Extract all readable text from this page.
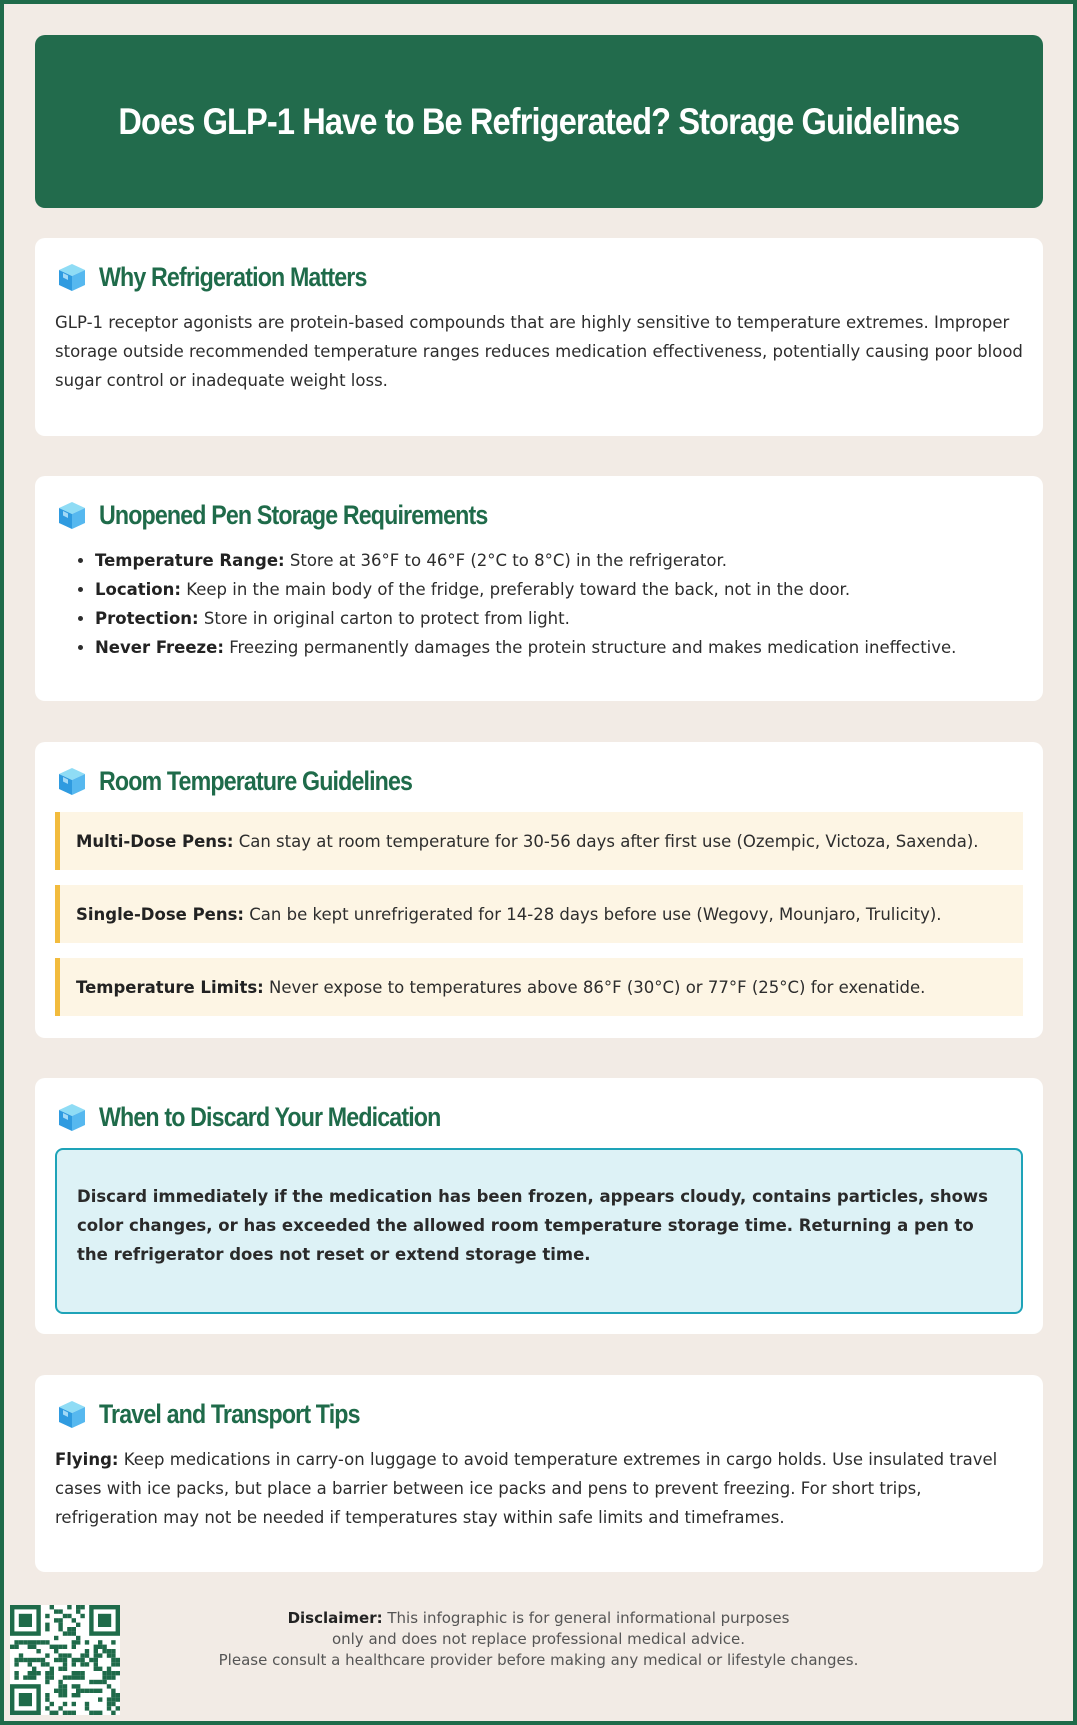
Does GLP-1 Have to Be Refrigerated? Storage Guidelines
Why Refrigeration Matters

GLP-1 receptor agonists are protein-based compounds that are highly sensitive to temperature extremes. Improper storage outside recommended temperature ranges reduces medication effectiveness, potentially causing poor blood sugar control or inadequate weight loss.

Unopened Pen Storage Requirements
• Temperature Range: Store at 36°F to 46°F (2°C to 8°C) in the refrigerator.
• Location: Keep in the main body of the fridge, preferably toward the back, not in the door.
• Protection: Store in original carton to protect from light.
• Never Freeze: Freezing permanently damages the protein structure and makes medication ineffective.
Room Temperature Guidelines
Multi-Dose Pens: Can stay at room temperature for 30-56 days after first use (Ozempic, Victoza, Saxenda).
Single-Dose Pens: Can be kept unrefrigerated for 14-28 days before use (Wegovy, Mounjaro, Trulicity).
Temperature Limits: Never expose to temperatures above 86°F (30°C) or 77°F (25°C) for exenatide.
When to Discard Your Medication
Discard immediately if the medication has been frozen, appears cloudy, contains particles, shows color changes, or has exceeded the allowed room temperature storage time. Returning a pen to the refrigerator does not reset or extend storage time.
Travel and Transport Tips

Flying: Keep medications in carry-on luggage to avoid temperature extremes in cargo holds. Use insulated travel cases with ice packs, but place a barrier between ice packs and pens to prevent freezing. For short trips, refrigeration may not be needed if temperatures stay within safe limits and timeframes.

Disclaimer: This infographic is for general informational purposes
only and does not replace professional medical advice.
Please consult a healthcare provider before making any medical or lifestyle changes.
